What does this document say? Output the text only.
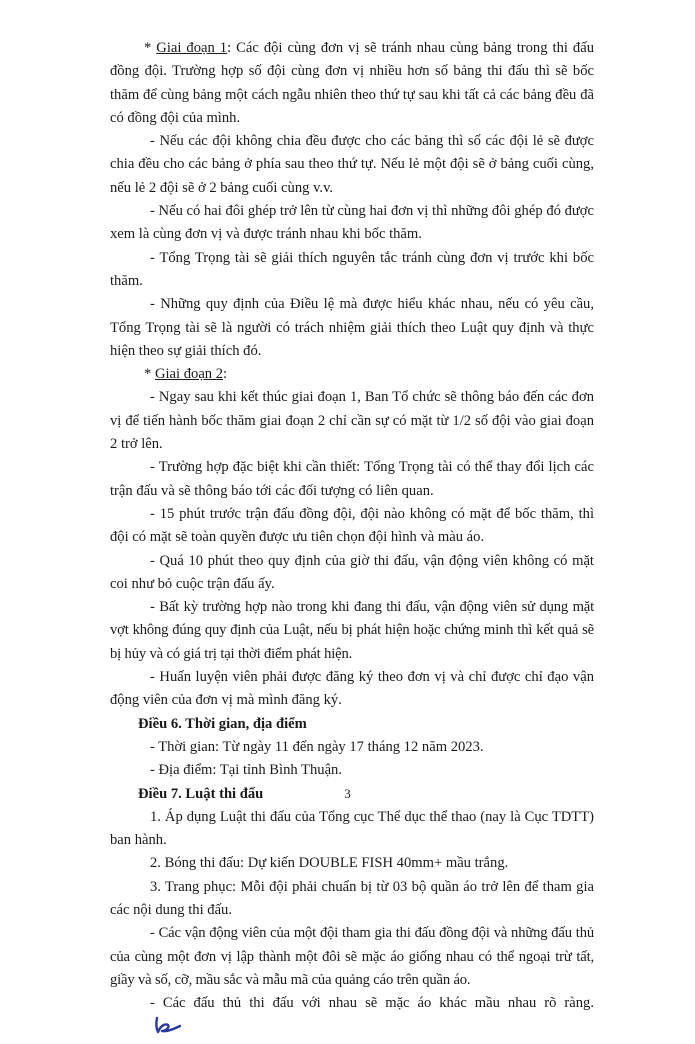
* Giai đoạn 1: Các đội cùng đơn vị sẽ tránh nhau cùng bảng trong thi đấu đồng đội. Trường hợp số đội cùng đơn vị nhiều hơn số bảng thi đấu thì sẽ bốc thăm để cùng bảng một cách ngẫu nhiên theo thứ tự sau khi tất cả các bảng đều đã có đồng đội của mình.

- Nếu các đội không chia đều được cho các bảng thì số các đội lẻ sẽ được chia đều cho các bảng ở phía sau theo thứ tự. Nếu lẻ một đội sẽ ở bảng cuối cùng, nếu lẻ 2 đội sẽ ở 2 bảng cuối cùng v.v.

- Nếu có hai đôi ghép trở lên từ cùng hai đơn vị thì những đôi ghép đó được xem là cùng đơn vị và được tránh nhau khi bốc thăm.

- Tổng Trọng tài sẽ giải thích nguyên tắc tránh cùng đơn vị trước khi bốc thăm.

- Những quy định của Điều lệ mà được hiểu khác nhau, nếu có yêu cầu, Tổng Trọng tài sẽ là người có trách nhiệm giải thích theo Luật quy định và thực hiện theo sự giải thích đó.

* Giai đoạn 2:

- Ngay sau khi kết thúc giai đoạn 1, Ban Tổ chức sẽ thông báo đến các đơn vị để tiến hành bốc thăm giai đoạn 2 chỉ cần sự có mặt từ 1/2 số đội vào giai đoạn 2 trở lên.

- Trường hợp đặc biệt khi cần thiết: Tổng Trọng tài có thể thay đổi lịch các trận đấu và sẽ thông báo tới các đối tượng có liên quan.

- 15 phút trước trận đấu đồng đội, đội nào không có mặt để bốc thăm, thì đội có mặt sẽ toàn quyền được ưu tiên chọn đội hình và màu áo.

- Quá 10 phút theo quy định của giờ thi đấu, vận động viên không có mặt coi như bỏ cuộc trận đấu ấy.

- Bất kỳ trường hợp nào trong khi đang thi đấu, vận động viên sử dụng mặt vợt không đúng quy định của Luật, nếu bị phát hiện hoặc chứng minh thì kết quả sẽ bị hủy và có giá trị tại thời điểm phát hiện.

- Huấn luyện viên phải được đăng ký theo đơn vị và chỉ được chỉ đạo vận động viên của đơn vị mà mình đăng ký.

Điều 6. Thời gian, địa điểm

- Thời gian: Từ ngày 11 đến ngày 17 tháng 12 năm 2023.

- Địa điểm: Tại tỉnh Bình Thuận.

Điều 7. Luật thi đấu

1. Áp dụng Luật thi đấu của Tổng cục Thể dục thể thao (nay là Cục TDTT) ban hành.

2. Bóng thi đấu: Dự kiến DOUBLE FISH 40mm+ mầu trắng.

3. Trang phục: Mỗi đội phải chuẩn bị từ 03 bộ quần áo trở lên để tham gia các nội dung thi đấu.

- Các vận động viên của một đội tham gia thi đấu đồng đội và những đấu thủ của cùng một đơn vị lập thành một đôi sẽ mặc áo giống nhau có thể ngoại trừ tất, giầy và số, cỡ, mầu sắc và mẫu mã của quảng cáo trên quần áo.

- Các đấu thủ thi đấu với nhau sẽ mặc áo khác mầu nhau rõ ràng.

3
